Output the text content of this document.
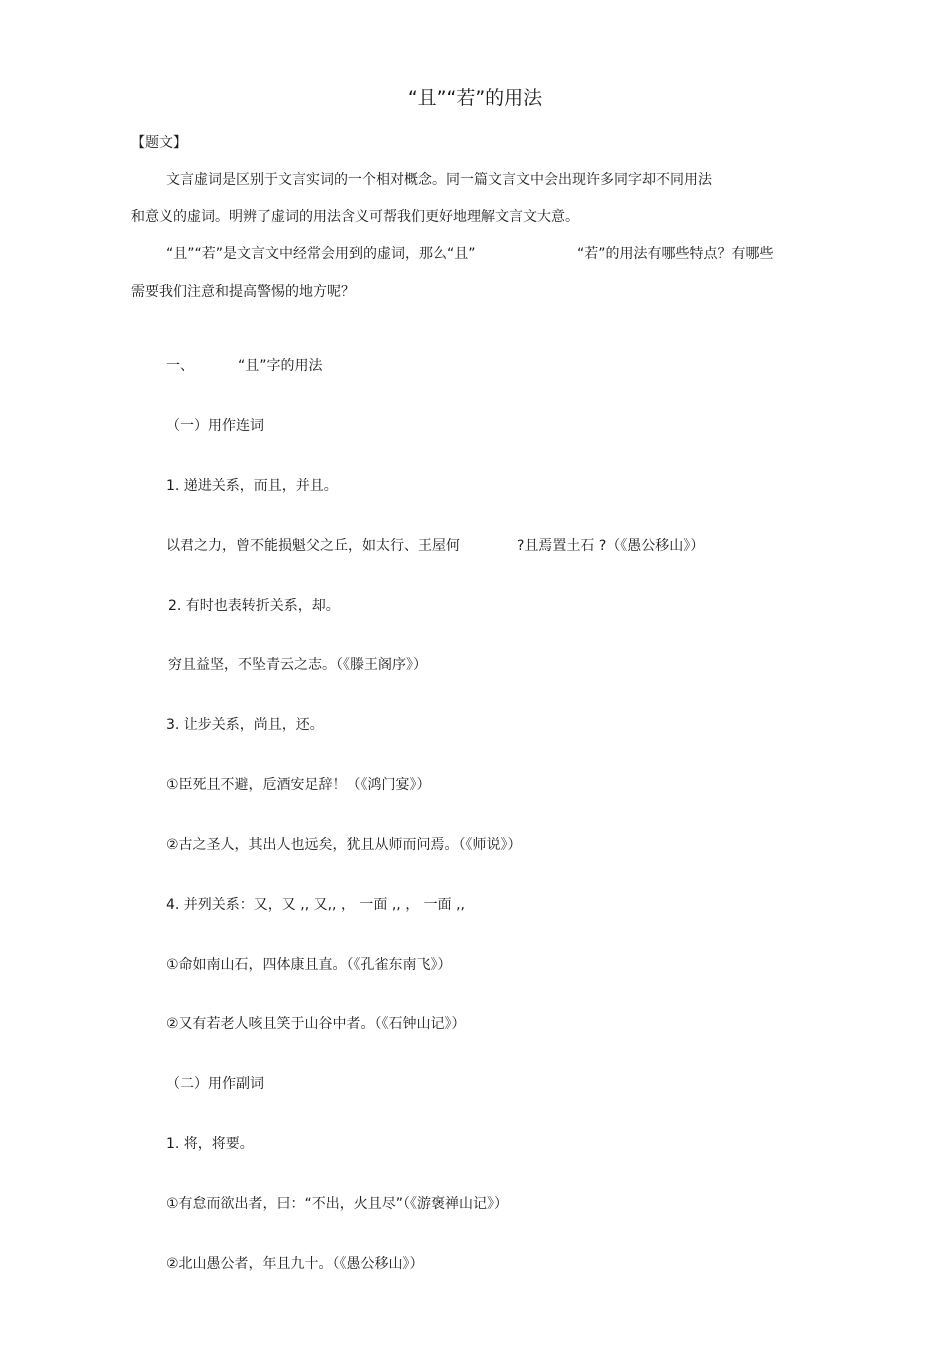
“且”“若”的用法
【题文】
文言虚词是区别于文言实词的一个相对概念。同一篇文言文中会出现许多同字却不同用法
和意义的虚词。明辨了虚词的用法含义可帮我们更好地理解文言文大意。
“且”“若”是文言文中经常会用到的虚词，那么“且”	“若”的用法有哪些特点？有哪些
需要我们注意和提高警惕的地方呢？
一、	“且”字的用法
（一）用作连词
1. 递进关系，而且，并且。
以君之力，曾不能损魁父之丘，如太行、王屋何	?且焉置土石 ?（《愚公移山》）
2. 有时也表转折关系，却。
穷且益坚，不坠青云之志。（《滕王阁序》）
3. 让步关系，尚且，还。
①臣死且不避，卮酒安足辞！（《鸿门宴》）
②古之圣人，其出人也远矣，犹且从师而问焉。（《师说》）
4. 并列关系：又，又 ,, 又,, ， 一面 ,, ， 一面 ,,
①命如南山石，四体康且直。（《孔雀东南飞》）
②又有若老人咳且笑于山谷中者。（《石钟山记》）
（二）用作副词
1. 将，将要。
①有怠而欲出者，曰：“不出，火且尽”（《游褒禅山记》）
②北山愚公者，年且九十。（《愚公移山》）
